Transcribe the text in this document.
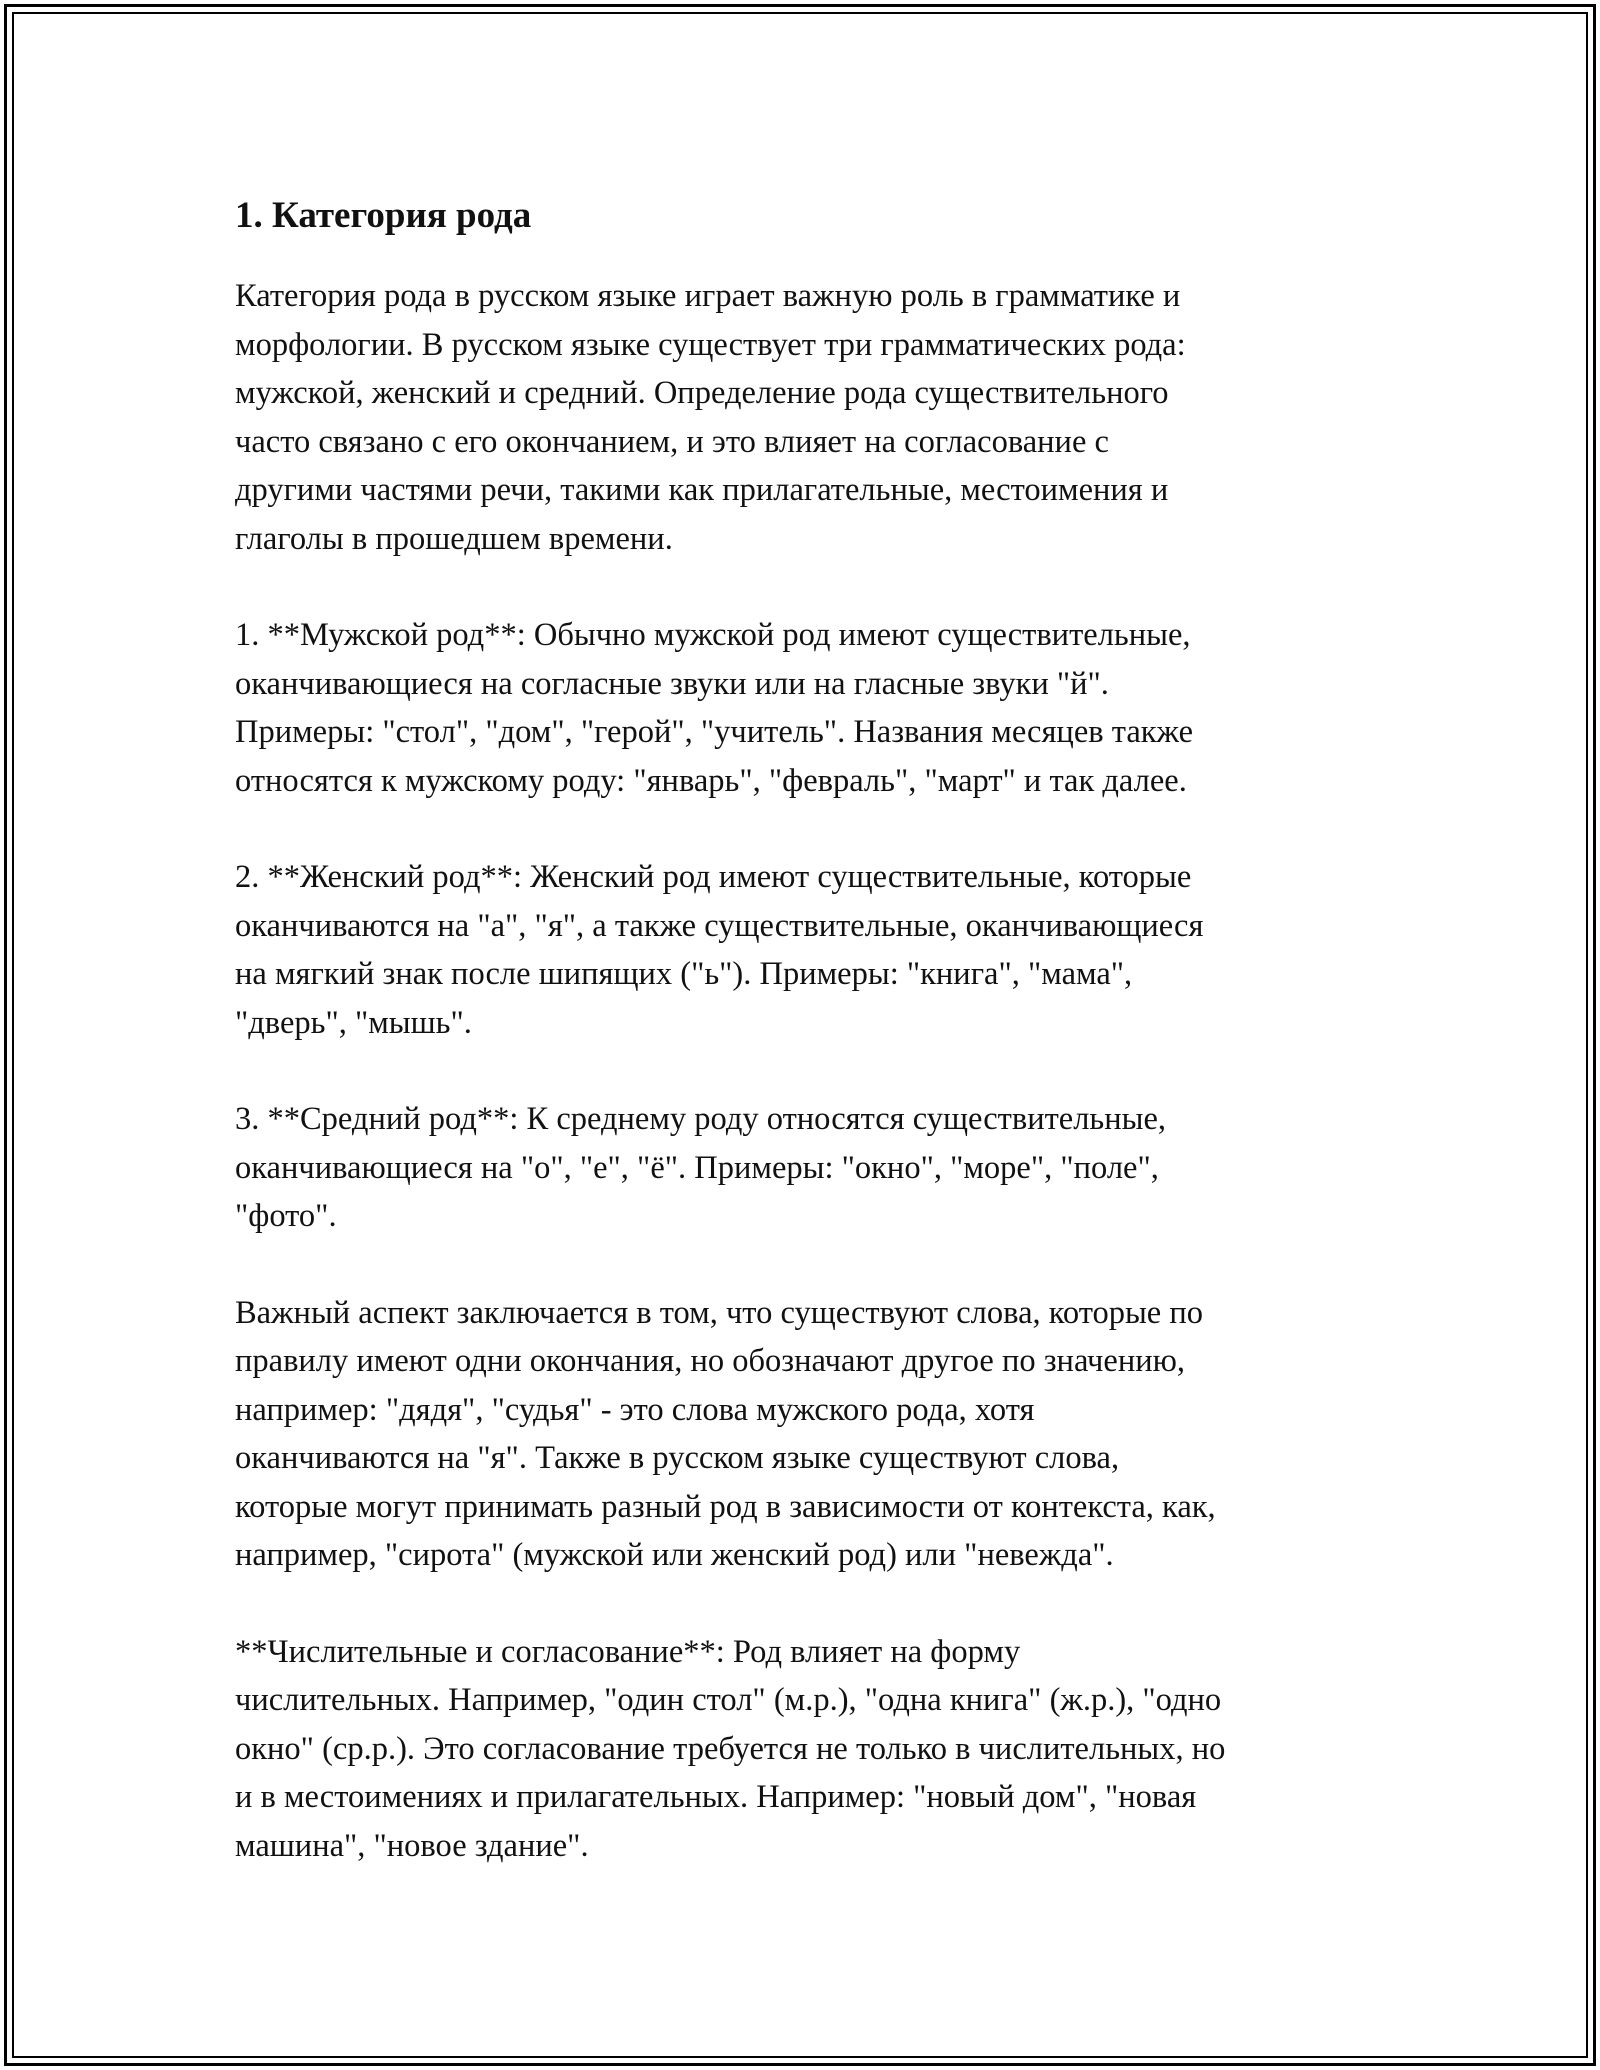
1. Категория рода

Категория рода в русском языке играет важную роль в грамматике и
морфологии. В русском языке существует три грамматических рода:
мужской, женский и средний. Определение рода существительного
часто связано с его окончанием, и это влияет на согласование с
другими частями речи, такими как прилагательные, местоимения и
глаголы в прошедшем времени.

1. **Мужской род**: Обычно мужской род имеют существительные,
оканчивающиеся на согласные звуки или на гласные звуки "й".
Примеры: "стол", "дом", "герой", "учитель". Названия месяцев также
относятся к мужскому роду: "январь", "февраль", "март" и так далее.

2. **Женский род**: Женский род имеют существительные, которые
оканчиваются на "а", "я", а также существительные, оканчивающиеся
на мягкий знак после шипящих ("ь"). Примеры: "книга", "мама",
"дверь", "мышь".

3. **Средний род**: К среднему роду относятся существительные,
оканчивающиеся на "о", "е", "ё". Примеры: "окно", "море", "поле",
"фото".

Важный аспект заключается в том, что существуют слова, которые по
правилу имеют одни окончания, но обозначают другое по значению,
например: "дядя", "судья" - это слова мужского рода, хотя
оканчиваются на "я". Также в русском языке существуют слова,
которые могут принимать разный род в зависимости от контекста, как,
например, "сирота" (мужской или женский род) или "невежда".

**Числительные и согласование**: Род влияет на форму
числительных. Например, "один стол" (м.р.), "одна книга" (ж.р.), "одно
окно" (ср.р.). Это согласование требуется не только в числительных, но
и в местоимениях и прилагательных. Например: "новый дом", "новая
машина", "новое здание".
